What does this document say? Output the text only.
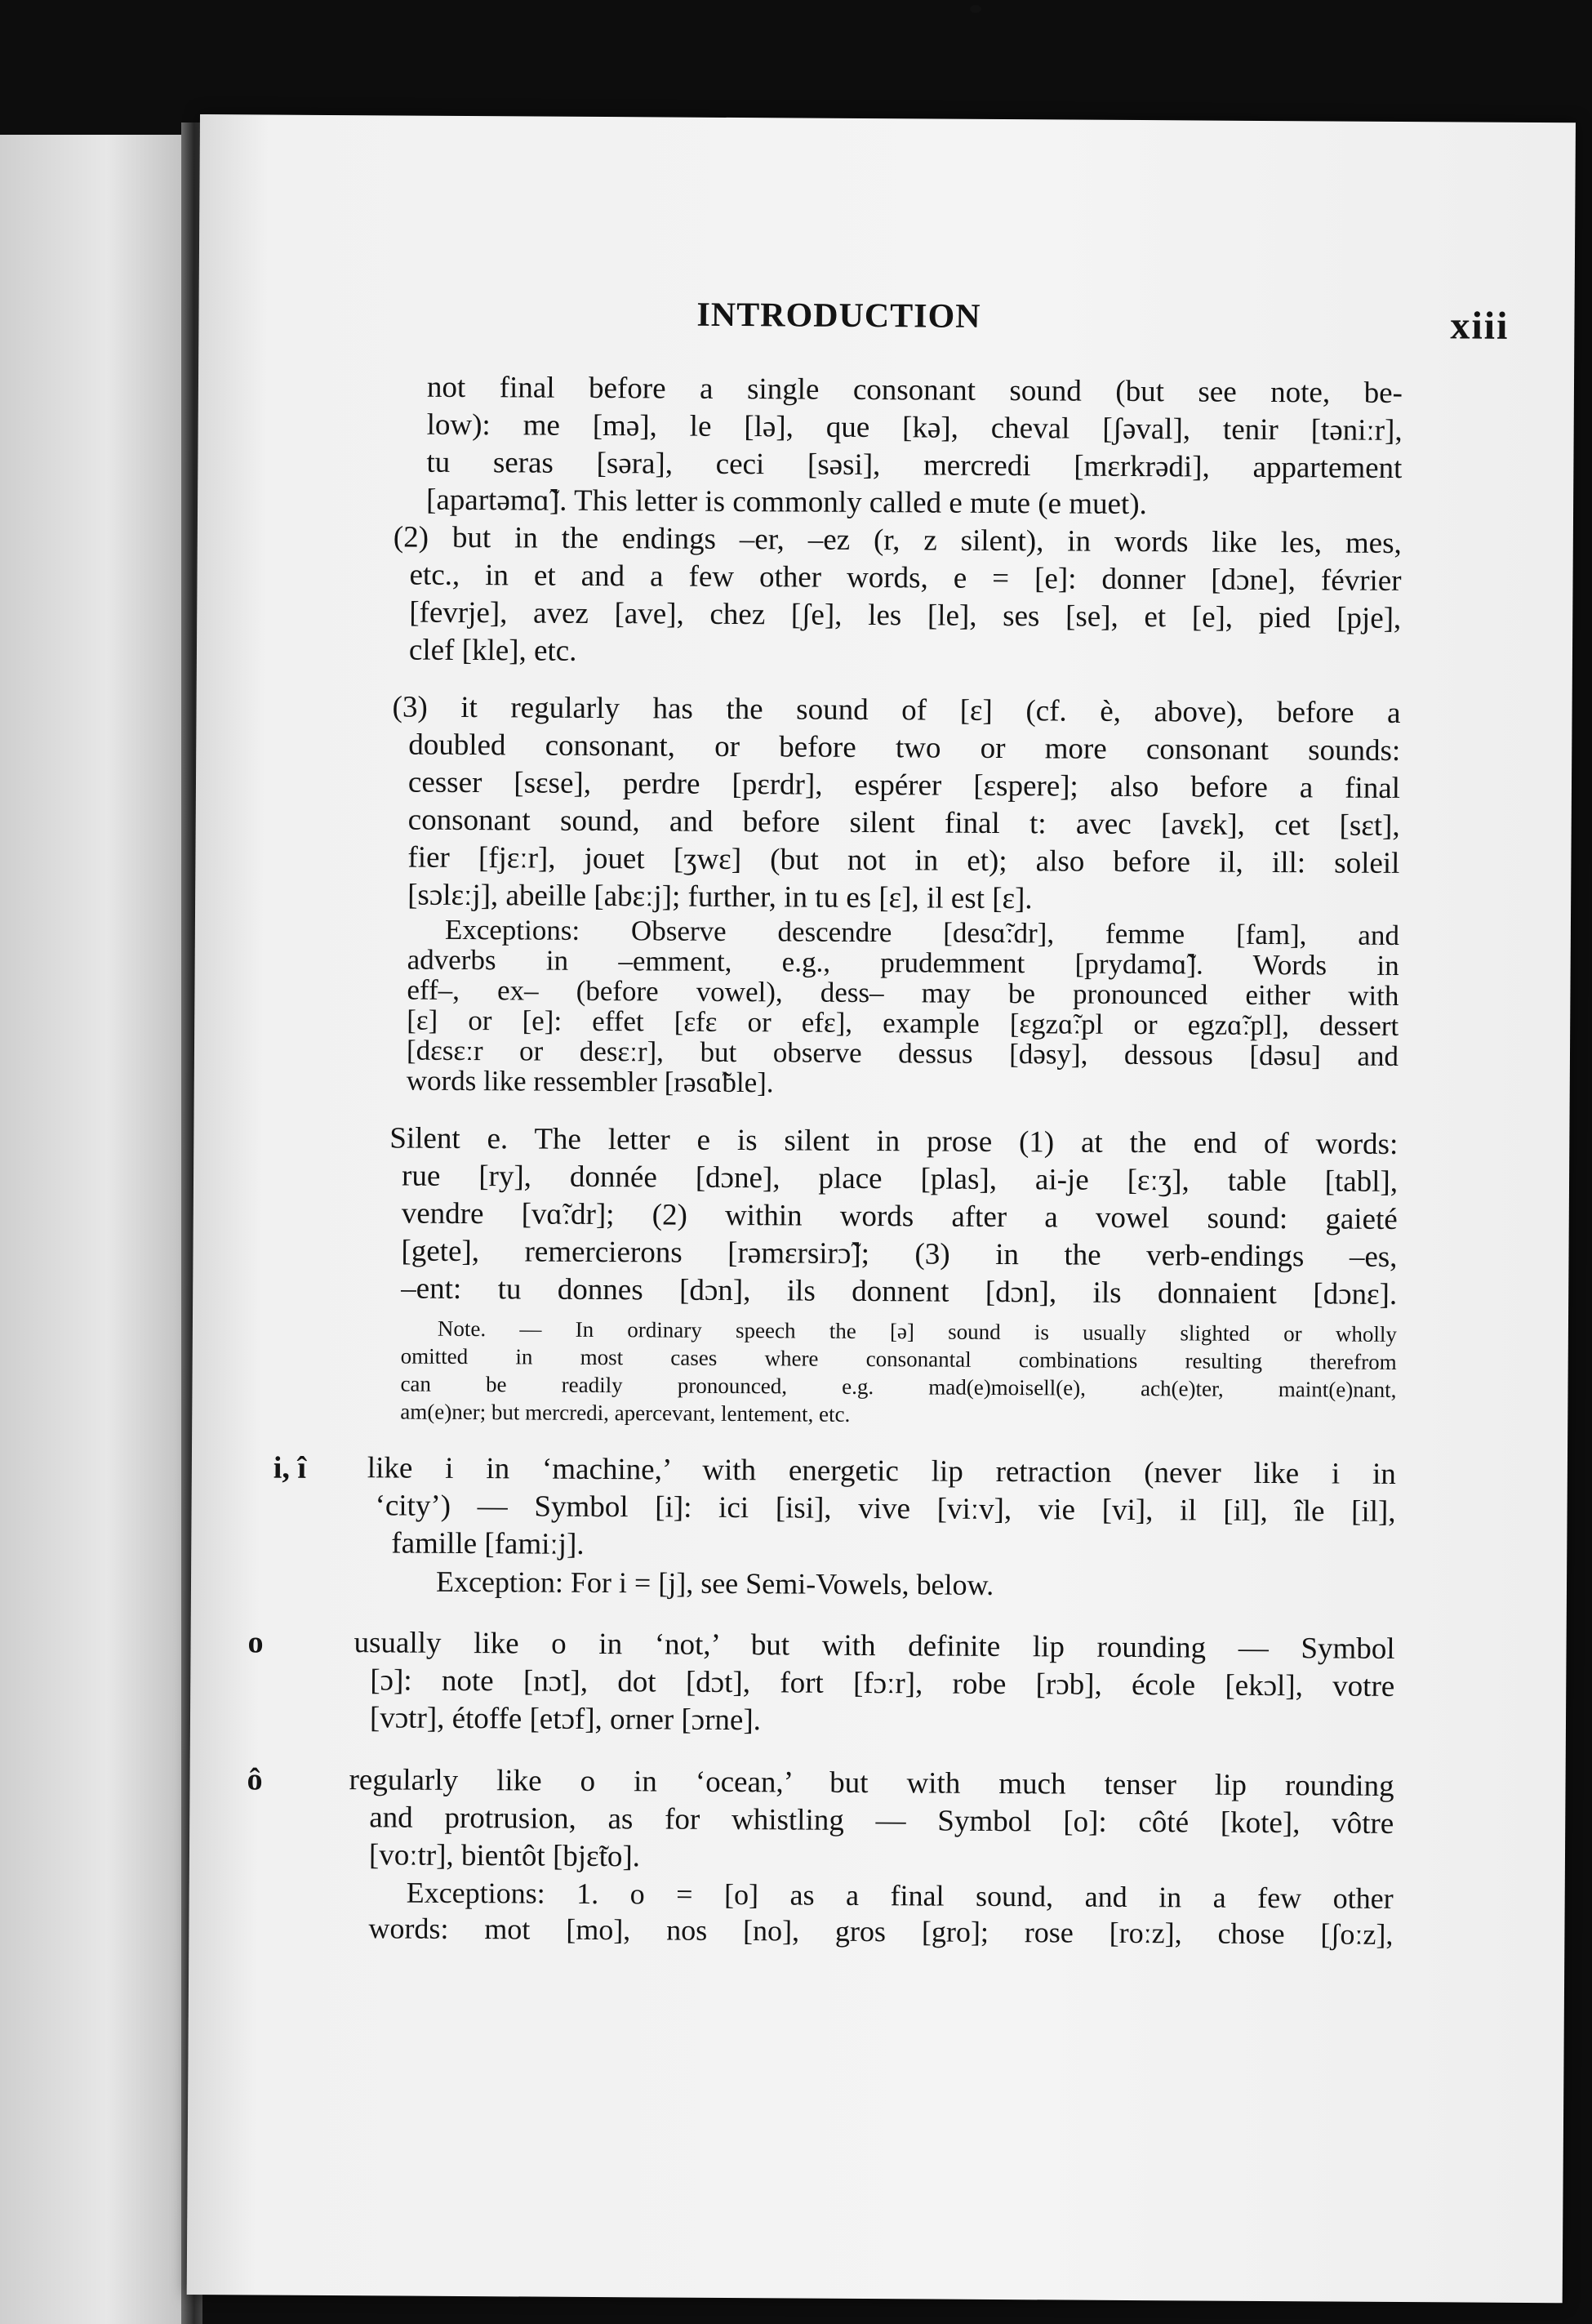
INTRODUCTION	xiii
not final before a single consonant sound (but see note, be-
low): me [mə], le [lə], que [kə], cheval [ʃəval], tenir [təniːr],
tu seras [səra], ceci [səsi], mercredi [mɛrkrədi], appartement
[apartəmɑ̃]. This letter is commonly called e mute (e muet).
(2) but in the endings –er, –ez (r, z silent), in words like les, mes,
etc., in et and a few other words, e = [e]: donner [dɔne], février
[fevrje], avez [ave], chez [ʃe], les [le], ses [se], et [e], pied [pje],
clef [kle], etc.
(3) it regularly has the sound of [ɛ] (cf. è, above), before a
doubled consonant, or before two or more consonant sounds:
cesser [sɛse], perdre [pɛrdr], espérer [ɛspere]; also before a final
consonant sound, and before silent final t: avec [avɛk], cet [sɛt],
fier [fjɛːr], jouet [ʒwɛ] (but not in et); also before il, ill: soleil
[sɔlɛːj], abeille [abɛːj]; further, in tu es [ɛ], il est [ɛ].
Exceptions: Observe descendre [desɑ̃ːdr], femme [fam], and
adverbs in –emment, e.g., prudemment [prydamɑ̃]. Words in
eff–, ex– (before vowel), dess– may be pronounced either with
[ɛ] or [e]: effet [ɛfɛ or efɛ], example [ɛgzɑ̃ːpl or egzɑ̃ːpl], dessert
[dɛsɛːr or desɛːr], but observe dessus [dəsy], dessous [dəsu] and
words like ressembler [rəsɑ̃ble].
Silent e. The letter e is silent in prose (1) at the end of words:
rue [ry], donnée [dɔne], place [plas], ai-je [ɛːʒ], table [tabl],
vendre [vɑ̃ːdr]; (2) within words after a vowel sound: gaieté
[gete], remercierons [rəmɛrsirɔ̃]; (3) in the verb-endings –es,
–ent: tu donnes [dɔn], ils donnent [dɔn], ils donnaient [dɔnɛ].
Note. — In ordinary speech the [ə] sound is usually slighted or wholly
omitted in most cases where consonantal combinations resulting therefrom
can be readily pronounced, e.g. mad(e)moisell(e), ach(e)ter, maint(e)nant,
am(e)ner; but mercredi, apercevant, lentement, etc.
i, î like i in ‘machine,’ with energetic lip retraction (never like i in
‘city’) — Symbol [i]: ici [isi], vive [viːv], vie [vi], il [il], île [il],
famille [famiːj].
Exception: For i = [j], see Semi-Vowels, below.
o	usually like o in ‘not,’ but with definite lip rounding — Symbol
[ɔ]: note [nɔt], dot [dɔt], fort [fɔːr], robe [rɔb], école [ekɔl], votre
[vɔtr], étoffe [etɔf], orner [ɔrne].
ô	regularly like o in ‘ocean,’ but with much tenser lip rounding
and protrusion, as for whistling — Symbol [o]: côté [kote], vôtre
[voːtr], bientôt [bjɛ̃to].
Exceptions: 1. o = [o] as a final sound, and in a few other
words: mot [mo], nos [no], gros [gro]; rose [roːz], chose [ʃoːz],
